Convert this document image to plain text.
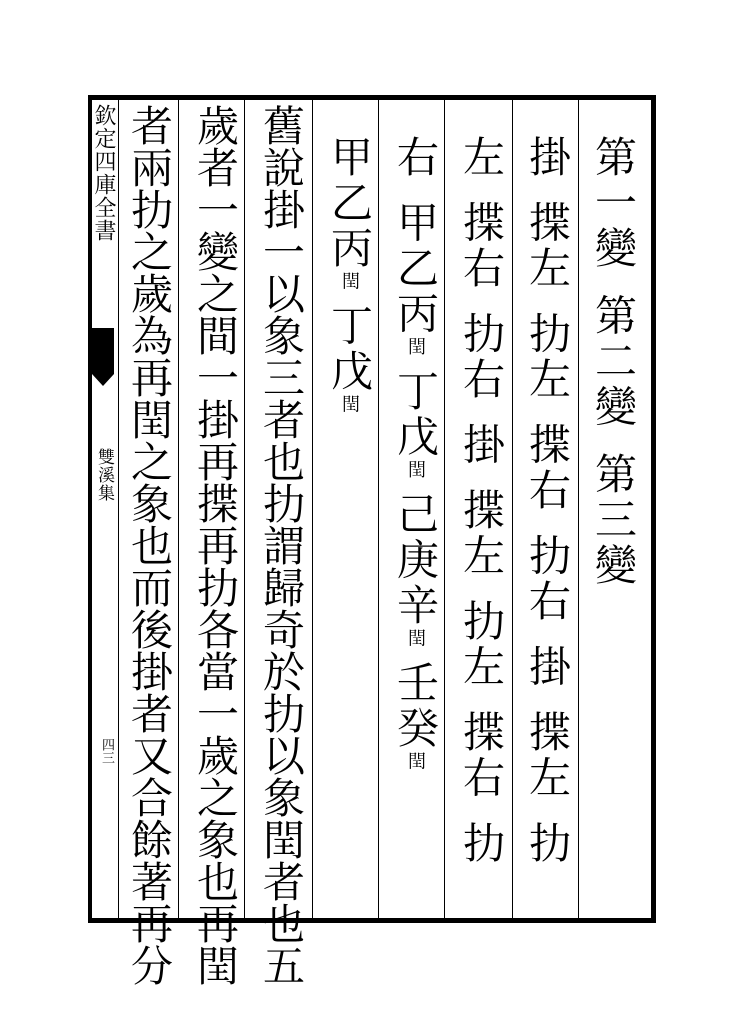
欽定四庫全書
雙溪集
四三
第一變第二變第三變
掛揲左扐左揲右扐右掛揲左扐
左揲右扐右掛揲左扐左揲右扐
右甲乙丙閏丁戊閏己庚辛閏壬癸閏
甲乙丙閏丁戊閏
舊說掛一以象三者也扐謂歸奇於扐以象閏者也五
歲者一變之間一掛再揲再扐各當一歲之象也再閏
者兩扐之歲為再閏之象也而後掛者又合餘著再分
